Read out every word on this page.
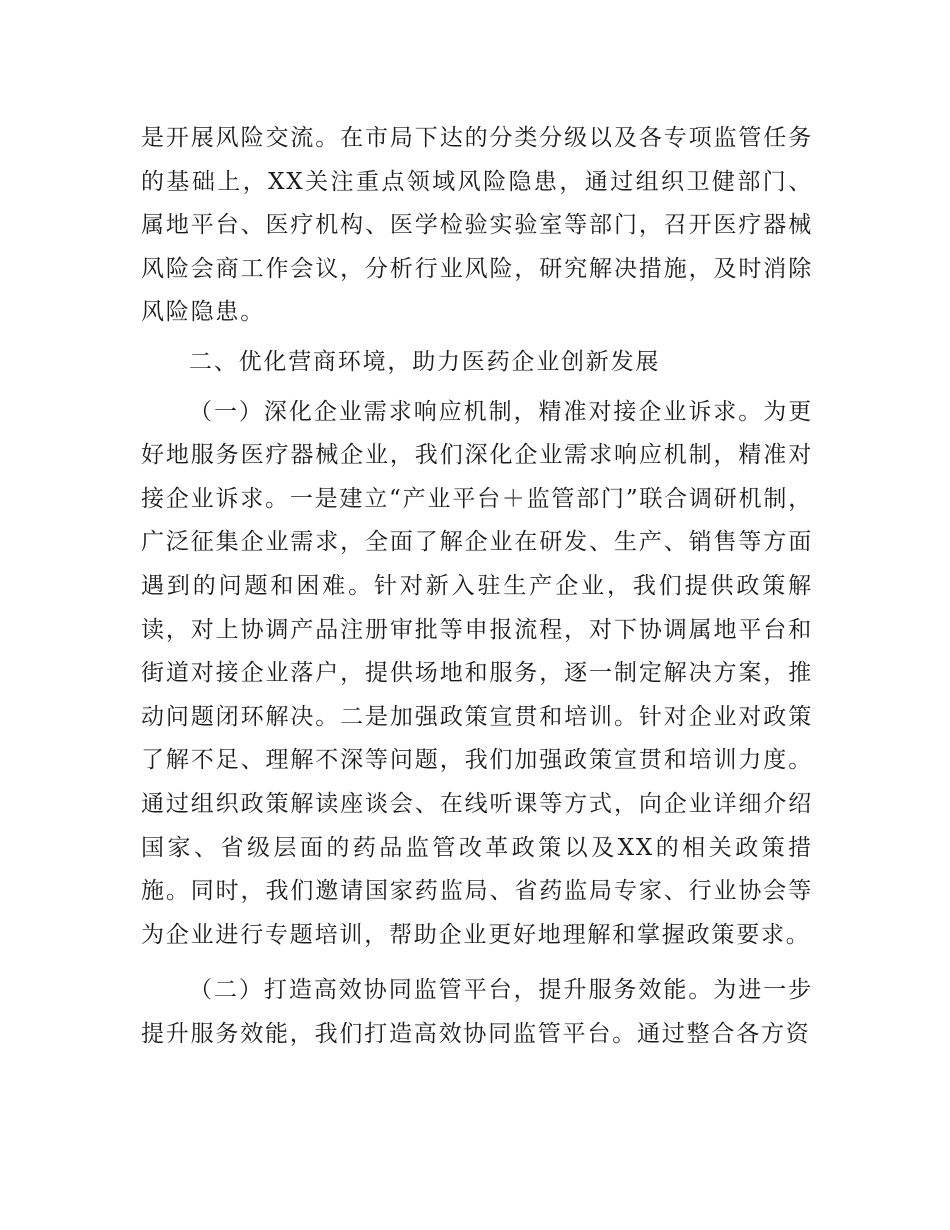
是开展风险交流。在市局下达的分类分级以及各专项监管任务的基础上，XX关注重点领域风险隐患，通过组织卫健部门、属地平台、医疗机构、医学检验实验室等部门，召开医疗器械风险会商工作会议，分析行业风险，研究解决措施，及时消除风险隐患。

二、优化营商环境，助力医药企业创新发展

（一）深化企业需求响应机制，精准对接企业诉求。为更好地服务医疗器械企业，我们深化企业需求响应机制，精准对接企业诉求。一是建立“产业平台＋监管部门”联合调研机制，广泛征集企业需求，全面了解企业在研发、生产、销售等方面遇到的问题和困难。针对新入驻生产企业，我们提供政策解读，对上协调产品注册审批等申报流程，对下协调属地平台和街道对接企业落户，提供场地和服务，逐一制定解决方案，推动问题闭环解决。二是加强政策宣贯和培训。针对企业对政策了解不足、理解不深等问题，我们加强政策宣贯和培训力度。通过组织政策解读座谈会、在线听课等方式，向企业详细介绍国家、省级层面的药品监管改革政策以及XX的相关政策措施。同时，我们邀请国家药监局、省药监局专家、行业协会等为企业进行专题培训，帮助企业更好地理解和掌握政策要求。

（二）打造高效协同监管平台，提升服务效能。为进一步提升服务效能，我们打造高效协同监管平台。通过整合各方资
